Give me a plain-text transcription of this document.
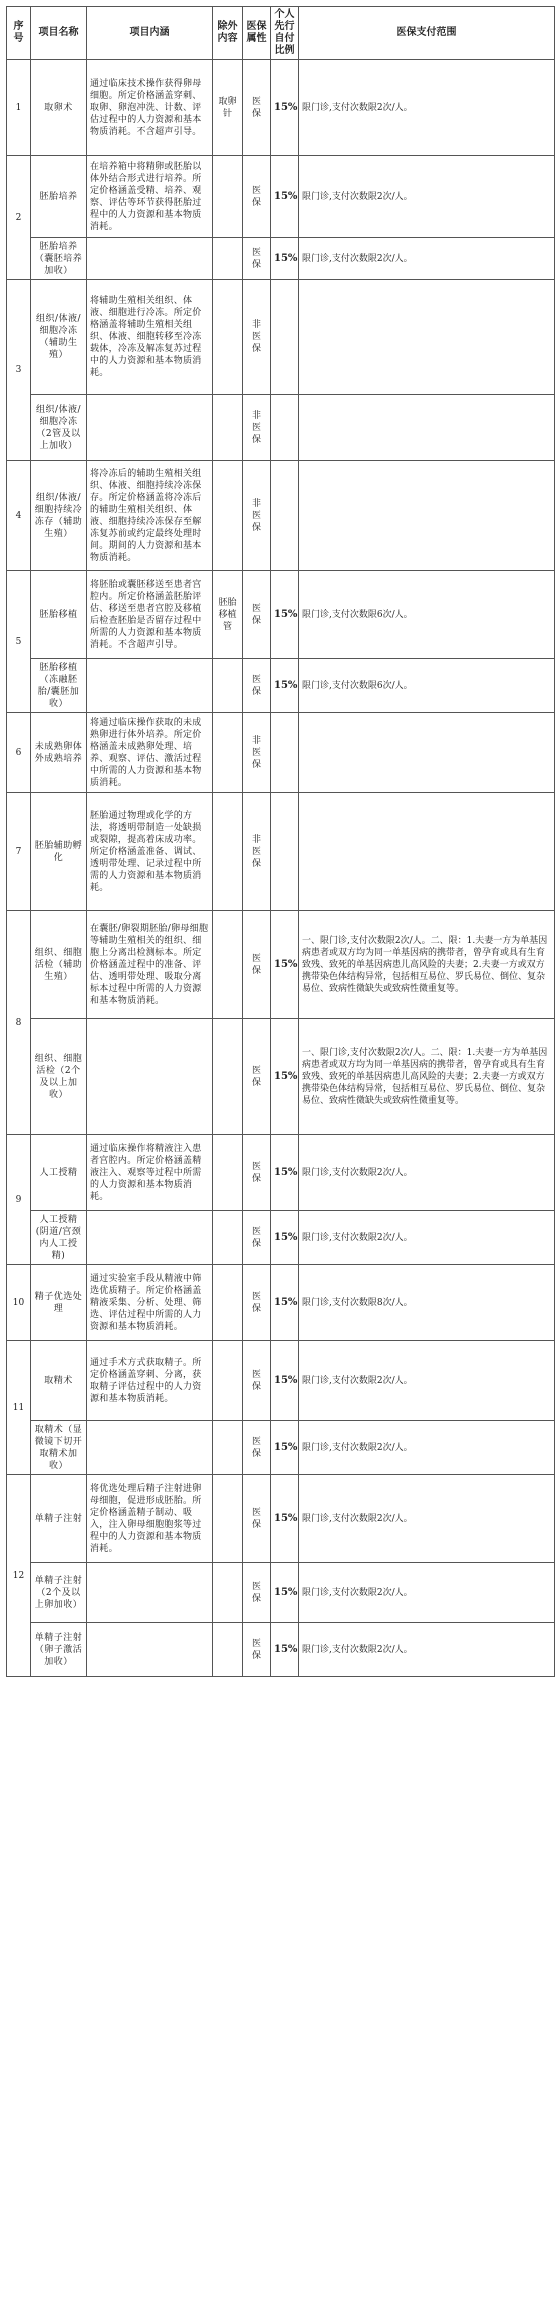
序号	项目名称	项目内涵	除外内容	医保属性	个人先行自付比例	医保支付范围
1	取卵术	通过临床技术操作获得卵母细胞。所定价格涵盖穿刺、取卵、卵泡冲洗、计数、评估过程中的人力资源和基本物质消耗。不含超声引导。	取卵针	医保	15%	限门诊,支付次数限2次/人。
2	胚胎培养	在培养箱中将精卵或胚胎以体外结合形式进行培养。所定价格涵盖受精、培养、观察、评估等环节获得胚胎过程中的人力资源和基本物质消耗。		医保	15%	限门诊,支付次数限2次/人。
	胚胎培养（囊胚培养加收）			医保	15%	限门诊,支付次数限2次/人。
3	组织/体液/细胞冷冻（辅助生殖）	将辅助生殖相关组织、体液、细胞进行冷冻。所定价格涵盖将辅助生殖相关组织、体液、细胞转移至冷冻载体，冷冻及解冻复苏过程中的人力资源和基本物质消耗。		非医保		
	组织/体液/细胞冷冻（2管及以上加收）			非医保		
4	组织/体液/细胞持续冷冻存（辅助生殖）	将冷冻后的辅助生殖相关组织、体液、细胞持续冷冻保存。所定价格涵盖将冷冻后的辅助生殖相关组织、体液、细胞持续冷冻保存至解冻复苏前或约定最终处理时间。期间的人力资源和基本物质消耗。		非医保		
5	胚胎移植	将胚胎或囊胚移送至患者宫腔内。所定价格涵盖胚胎评估、移送至患者宫腔及移植后检查胚胎是否留存过程中所需的人力资源和基本物质消耗。不含超声引导。	胚胎移植管	医保	15%	限门诊,支付次数限6次/人。
	胚胎移植（冻融胚胎/囊胚加收）			医保	15%	限门诊,支付次数限6次/人。
6	未成熟卵体外成熟培养	将通过临床操作获取的未成熟卵进行体外培养。所定价格涵盖未成熟卵处理、培养、观察、评估、激活过程中所需的人力资源和基本物质消耗。		非医保		
7	胚胎辅助孵化	胚胎通过物理或化学的方法，将透明带制造一处缺损或裂隙，提高着床成功率。所定价格涵盖准备、调试、透明带处理、记录过程中所需的人力资源和基本物质消耗。		非医保		
8	组织、细胞活检（辅助生殖）	在囊胚/卵裂期胚胎/卵母细胞等辅助生殖相关的组织、细胞上分离出检测标本。所定价格涵盖过程中的准备、评估、透明带处理、吸取分离标本过程中所需的人力资源和基本物质消耗。		医保	15%	一、限门诊,支付次数限2次/人。二、限：1.夫妻一方为单基因病患者或双方均为同一单基因病的携带者，曾孕育或具有生育致残、致死的单基因病患儿高风险的夫妻；2.夫妻一方或双方携带染色体结构异常，包括相互易位、罗氏易位、倒位、复杂易位、致病性微缺失或致病性微重复等。
	组织、细胞活检（2个及以上加收）			医保	15%	一、限门诊,支付次数限2次/人。二、限：1.夫妻一方为单基因病患者或双方均为同一单基因病的携带者，曾孕育或具有生育致残、致死的单基因病患儿高风险的夫妻；2.夫妻一方或双方携带染色体结构异常，包括相互易位、罗氏易位、倒位、复杂易位、致病性微缺失或致病性微重复等。
9	人工授精	通过临床操作将精液注入患者宫腔内。所定价格涵盖精液注入、观察等过程中所需的人力资源和基本物质消耗。		医保	15%	限门诊,支付次数限2次/人。
	人工授精(阴道/宫颈内人工授精)			医保	15%	限门诊,支付次数限2次/人。
10	精子优选处理	通过实验室手段从精液中筛选优质精子。所定价格涵盖精液采集、分析、处理、筛选、评估过程中所需的人力资源和基本物质消耗。		医保	15%	限门诊,支付次数限8次/人。
11	取精术	通过手术方式获取精子。所定价格涵盖穿刺、分离，获取精子评估过程中的人力资源和基本物质消耗。		医保	15%	限门诊,支付次数限2次/人。
	取精术（显微镜下切开取精术加收）			医保	15%	限门诊,支付次数限2次/人。
12	单精子注射	将优选处理后精子注射进卵母细胞，促进形成胚胎。所定价格涵盖精子制动、吸入，注入卵母细胞胞浆等过程中的人力资源和基本物质消耗。		医保	15%	限门诊,支付次数限2次/人。
	单精子注射（2个及以上卵加收）			医保	15%	限门诊,支付次数限2次/人。
	单精子注射（卵子激活加收）			医保	15%	限门诊,支付次数限2次/人。
